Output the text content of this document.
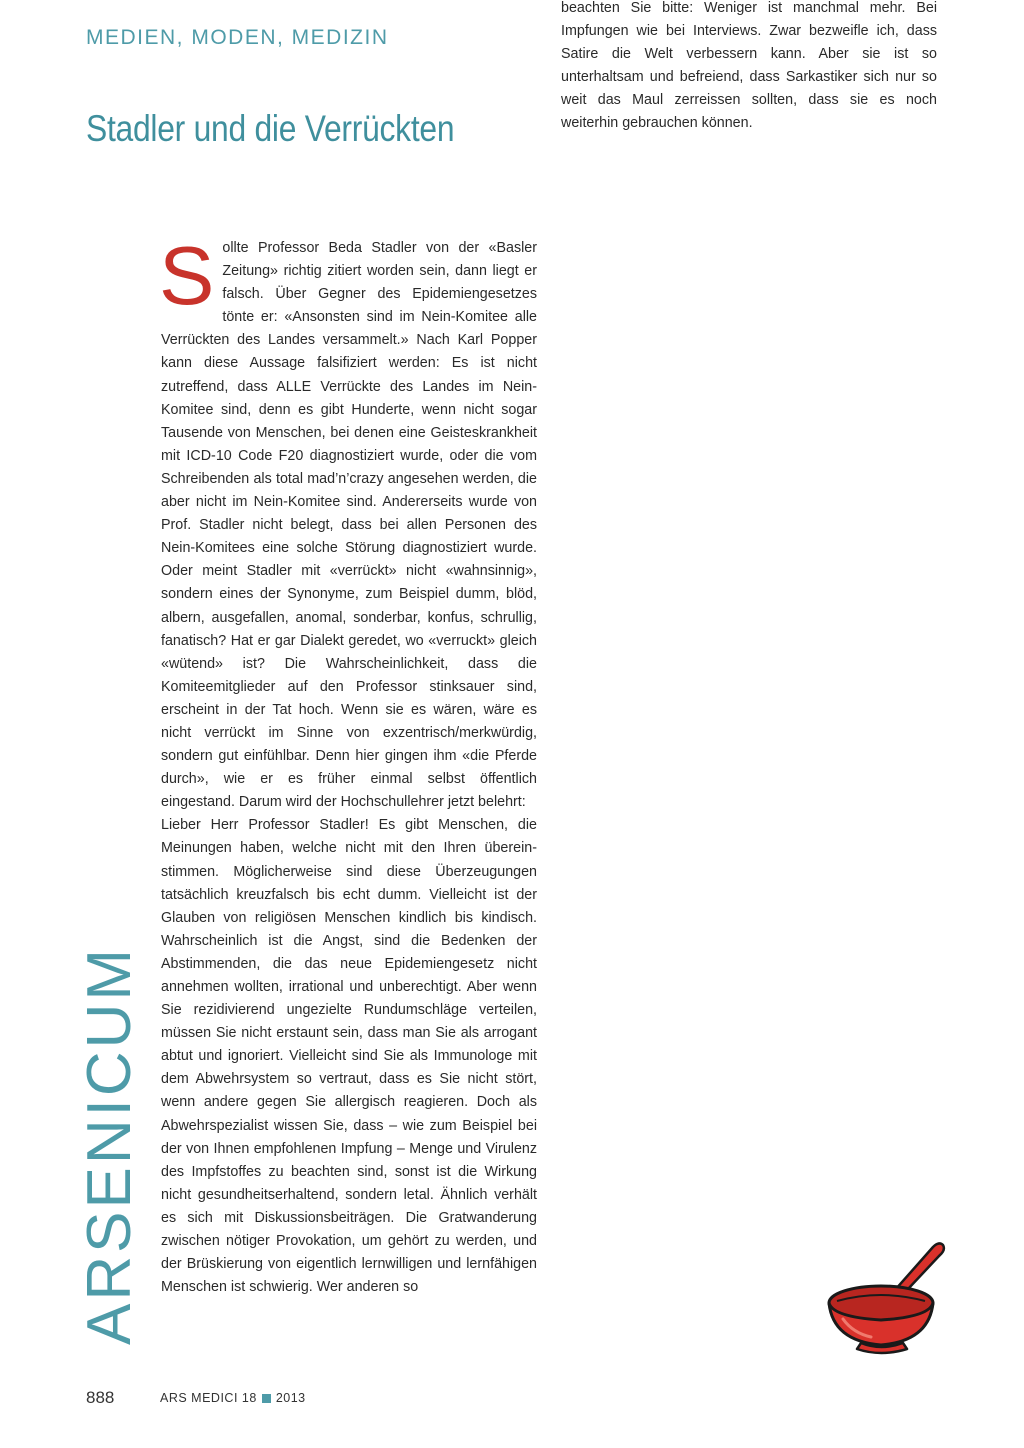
MEDIEN, MODEN, MEDIZIN
Stadler und die Verrückten
ARSENICUM

Sollte Professor Beda Stadler von der «Basler Zeitung» richtig zitiert worden sein, dann liegt er falsch. Über Gegner des Epidemiengesetzes tönte er: «Ansonsten sind im Nein-Komitee alle Verrückten des Landes versammelt.» Nach Karl Popper kann diese Aussage falsifiziert werden: Es ist nicht zutreffend, dass ALLE Verrückte des Landes im Nein-Komitee sind, denn es gibt Hunderte, wenn nicht sogar Tausende von Menschen, bei denen eine Geisteskrankheit mit ICD-10 Code F20 diagnostiziert wurde, oder die vom Schreibenden als total mad’n’crazy angesehen werden, die aber nicht im Nein-Komitee sind. Andererseits wurde von Prof. Stadler nicht belegt, dass bei allen Personen des Nein-Komitees eine solche Störung diagnostiziert wurde. Oder meint Stadler mit «verrückt» nicht «wahnsinnig», sondern eines der Synonyme, zum Beispiel dumm, blöd, albern, ausgefallen, anomal, sonderbar, konfus, schrullig, fanatisch? Hat er gar Dialekt geredet, wo «verruckt» gleich «wütend» ist? Die Wahrscheinlichkeit, dass die Komiteemitglieder auf den Professor stinksauer sind, erscheint in der Tat hoch. Wenn sie es wären, wäre es nicht verrückt im Sinne von exzentrisch/merkwürdig, sondern gut einfühlbar. Denn hier gingen ihm «die Pferde durch», wie er es früher einmal selbst öffentlich eingestand. Darum wird der Hochschullehrer jetzt belehrt:

Lieber Herr Professor Stadler! Es gibt Menschen, die Meinungen haben, welche nicht mit den Ihren übereinstimmen. Möglicherweise sind diese Überzeugungen tatsächlich kreuzfalsch bis echt dumm. Vielleicht ist der Glauben von religiösen Menschen kindlich bis kindisch. Wahrscheinlich ist die Angst, sind die Bedenken der Abstimmenden, die das neue Epidemiengesetz nicht annehmen wollten, irrational und unberechtigt. Aber wenn Sie rezidivierend ungezielte Rundumschläge verteilen, müssen Sie nicht erstaunt sein, dass man Sie als arrogant abtut und ignoriert. Vielleicht sind Sie als Immunologe mit dem Abwehrsystem so vertraut, dass es Sie nicht stört, wenn andere gegen Sie allergisch reagieren. Doch als Abwehrspezialist wissen Sie, dass – wie zum Beispiel bei der von Ihnen empfohlenen Impfung – Menge und Virulenz des Impfstoffes zu beachten sind, sonst ist die Wirkung nicht gesundheitserhaltend, sondern letal. Ähnlich verhält es sich mit Diskussionsbeiträgen. Die Gratwanderung zwischen nötiger Provokation, um gehört zu werden, und der Brüskierung von eigentlich lernwilligen und lernfähigen Menschen ist schwierig. Wer anderen so

beachten Sie bitte: Weniger ist manchmal mehr. Bei Impfungen wie bei Interviews. Zwar bezweifle ich, dass Satire die Welt verbessern kann. Aber sie ist so unterhaltsam und befreiend, dass Sarkastiker sich nur so weit das Maul zerreissen sollten, dass sie es noch weiterhin gebrauchen können.

888	ARS MEDICI 18 2013
